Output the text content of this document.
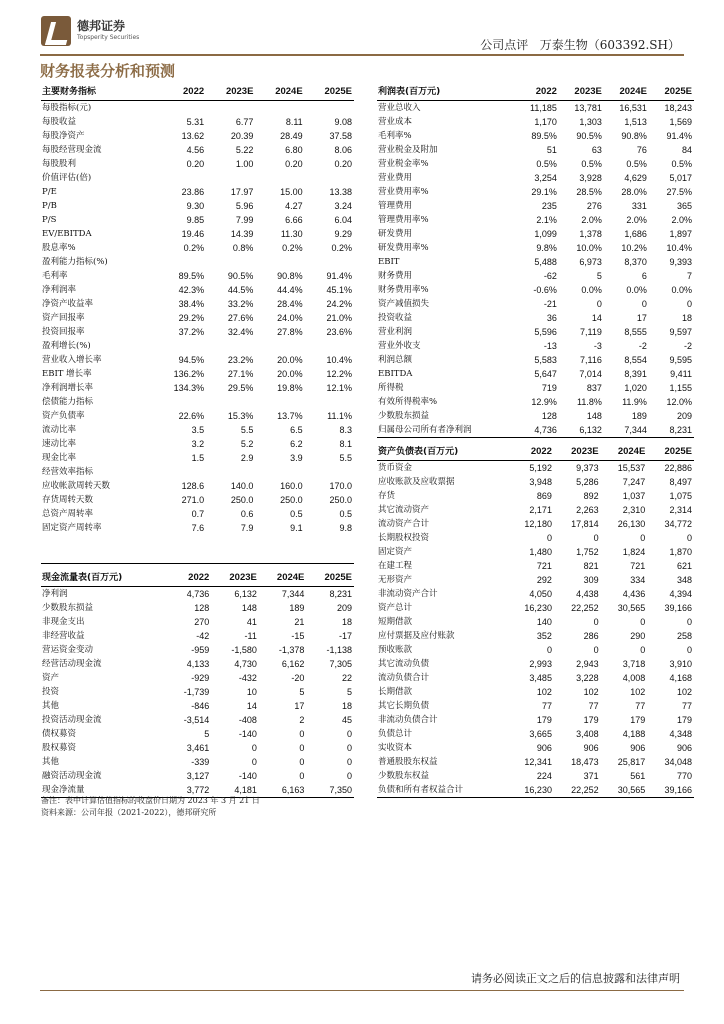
德邦证券
Topsperity Securities
公司点评 万泰生物（603392.SH）
财务报表分析和预测
主要财务指标	2022	2023E	2024E	2025E
每股指标(元)				
每股收益	5.31	6.77	8.11	9.08
每股净资产	13.62	20.39	28.49	37.58
每股经营现金流	4.56	5.22	6.80	8.06
每股股利	0.20	1.00	0.20	0.20
价值评估(倍)				
P/E	23.86	17.97	15.00	13.38
P/B	9.30	5.96	4.27	3.24
P/S	9.85	7.99	6.66	6.04
EV/EBITDA	19.46	14.39	11.30	9.29
股息率%	0.2%	0.8%	0.2%	0.2%
盈利能力指标(%)				
毛利率	89.5%	90.5%	90.8%	91.4%
净利润率	42.3%	44.5%	44.4%	45.1%
净资产收益率	38.4%	33.2%	28.4%	24.2%
资产回报率	29.2%	27.6%	24.0%	21.0%
投资回报率	37.2%	32.4%	27.8%	23.6%
盈利增长(%)				
营业收入增长率	94.5%	23.2%	20.0%	10.4%
EBIT 增长率	136.2%	27.1%	20.0%	12.2%
净利润增长率	134.3%	29.5%	19.8%	12.1%
偿债能力指标				
资产负债率	22.6%	15.3%	13.7%	11.1%
流动比率	3.5	5.5	6.5	8.3
速动比率	3.2	5.2	6.2	8.1
现金比率	1.5	2.9	3.9	5.5
经营效率指标				
应收帐款周转天数	128.6	140.0	160.0	170.0
存货周转天数	271.0	250.0	250.0	250.0
总资产周转率	0.7	0.6	0.5	0.5
固定资产周转率	7.6	7.9	9.1	9.8

利润表(百万元)	2022	2023E	2024E	2025E
营业总收入	11,185	13,781	16,531	18,243
营业成本	1,170	1,303	1,513	1,569
毛利率%	89.5%	90.5%	90.8%	91.4%
营业税金及附加	51	63	76	84
营业税金率%	0.5%	0.5%	0.5%	0.5%
营业费用	3,254	3,928	4,629	5,017
营业费用率%	29.1%	28.5%	28.0%	27.5%
管理费用	235	276	331	365
管理费用率%	2.1%	2.0%	2.0%	2.0%
研发费用	1,099	1,378	1,686	1,897
研发费用率%	9.8%	10.0%	10.2%	10.4%
EBIT	5,488	6,973	8,370	9,393
财务费用	-62	5	6	7
财务费用率%	-0.6%	0.0%	0.0%	0.0%
资产减值损失	-21	0	0	0
投资收益	36	14	17	18
营业利润	5,596	7,119	8,555	9,597
营业外收支	-13	-3	-2	-2
利润总额	5,583	7,116	8,554	9,595
EBITDA	5,647	7,014	8,391	9,411
所得税	719	837	1,020	1,155
有效所得税率%	12.9%	11.8%	11.9%	12.0%
少数股东损益	128	148	189	209
归属母公司所有者净利润	4,736	6,132	7,344	8,231
资产负债表(百万元)	2022	2023E	2024E	2025E
货币资金	5,192	9,373	15,537	22,886
应收账款及应收票据	3,948	5,286	7,247	8,497
存货	869	892	1,037	1,075
其它流动资产	2,171	2,263	2,310	2,314
流动资产合计	12,180	17,814	26,130	34,772
长期股权投资	0	0	0	0
固定资产	1,480	1,752	1,824	1,870
在建工程	721	821	721	621
无形资产	292	309	334	348
非流动资产合计	4,050	4,438	4,436	4,394
资产总计	16,230	22,252	30,565	39,166
短期借款	140	0	0	0
应付票据及应付账款	352	286	290	258
预收账款	0	0	0	0
其它流动负债	2,993	2,943	3,718	3,910
流动负债合计	3,485	3,228	4,008	4,168
长期借款	102	102	102	102
其它长期负债	77	77	77	77
非流动负债合计	179	179	179	179
负债总计	3,665	3,408	4,188	4,348
实收资本	906	906	906	906
普通股股东权益	12,341	18,473	25,817	34,048
少数股东权益	224	371	561	770
负债和所有者权益合计	16,230	22,252	30,565	39,166
现金流量表(百万元)	2022	2023E	2024E	2025E
净利润	4,736	6,132	7,344	8,231
少数股东损益	128	148	189	209
非现金支出	270	41	21	18
非经营收益	-42	-11	-15	-17
营运资金变动	-959	-1,580	-1,378	-1,138
经营活动现金流	4,133	4,730	6,162	7,305
资产	-929	-432	-20	22
投资	-1,739	10	5	5
其他	-846	14	17	18
投资活动现金流	-3,514	-408	2	45
债权募资	5	-140	0	0
股权募资	3,461	0	0	0
其他	-339	0	0	0
融资活动现金流	3,127	-140	0	0
现金净流量	3,772	4,181	6,163	7,350
备注：表中计算估值指标的收盘价日期为 2023 年 3 月 21 日
资料来源：公司年报（2021-2022），德邦研究所
请务必阅读正文之后的信息披露和法律声明
